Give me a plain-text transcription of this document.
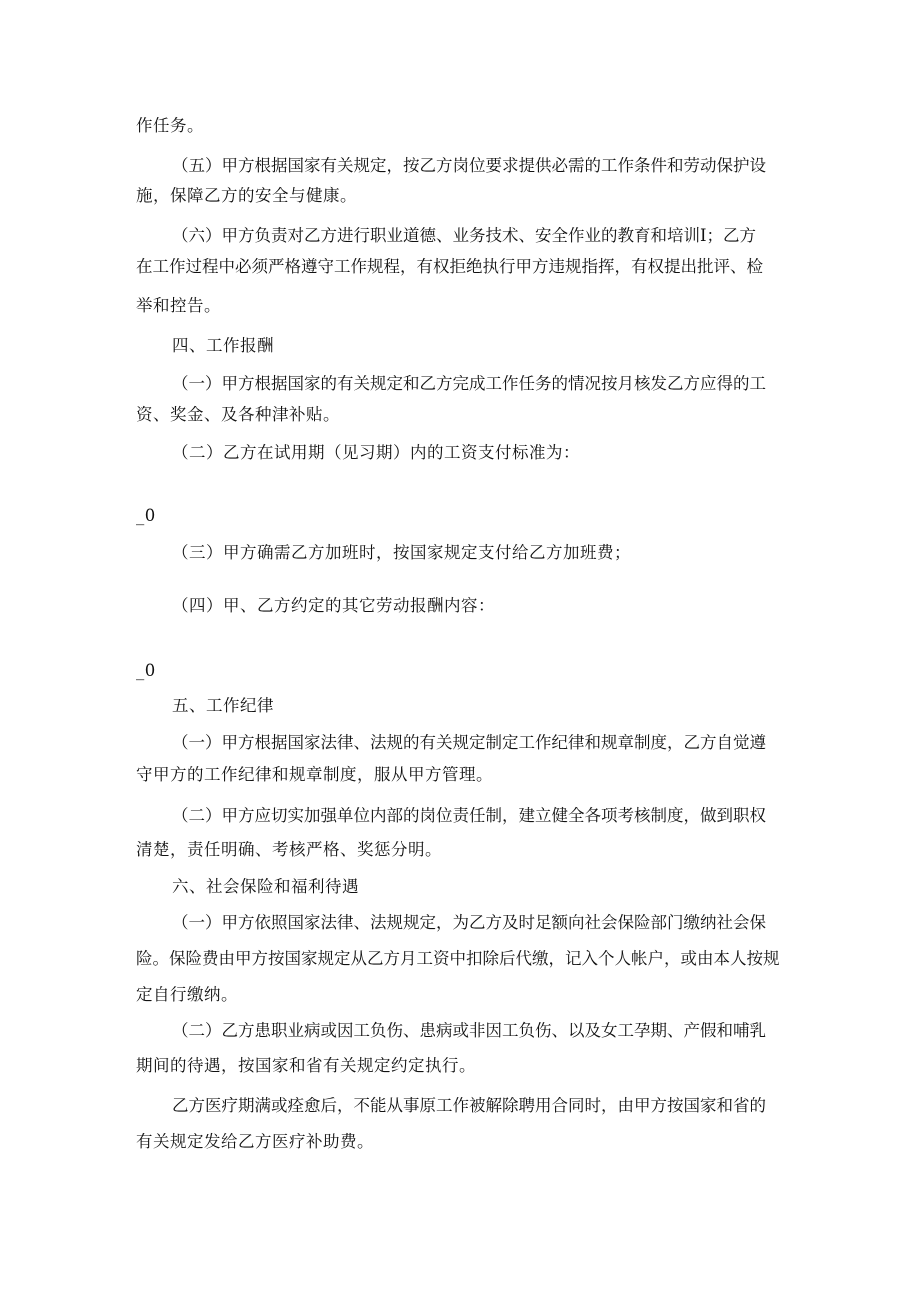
作任务。
（五）甲方根据国家有关规定，按乙方岗位要求提供必需的工作条件和劳动保护设
施，保障乙方的安全与健康。
（六）甲方负责对乙方进行职业道德、业务技术、安全作业的教育和培训Ⅰ；乙方
在工作过程中必须严格遵守工作规程，有权拒绝执行甲方违规指挥，有权提出批评、检
举和控告。
四、工作报酬
（一）甲方根据国家的有关规定和乙方完成工作任务的情况按月核发乙方应得的工
资、奖金、及各种津补贴。
（二）乙方在试用期（见习期）内的工资支付标准为：
_0
（三）甲方确需乙方加班时，按国家规定支付给乙方加班费；
（四）甲、乙方约定的其它劳动报酬内容：
_0
五、工作纪律
（一）甲方根据国家法律、法规的有关规定制定工作纪律和规章制度，乙方自觉遵
守甲方的工作纪律和规章制度，服从甲方管理。
（二）甲方应切实加强单位内部的岗位责任制，建立健全各项考核制度，做到职权
清楚，责任明确、考核严格、奖惩分明。
六、社会保险和福利待遇
（一）甲方依照国家法律、法规规定，为乙方及时足额向社会保险部门缴纳社会保
险。保险费由甲方按国家规定从乙方月工资中扣除后代缴，记入个人帐户，或由本人按规
定自行缴纳。
（二）乙方患职业病或因工负伤、患病或非因工负伤、以及女工孕期、产假和哺乳
期间的待遇，按国家和省有关规定约定执行。
乙方医疗期满或痊愈后，不能从事原工作被解除聘用合同时，由甲方按国家和省的
有关规定发给乙方医疗补助费。
